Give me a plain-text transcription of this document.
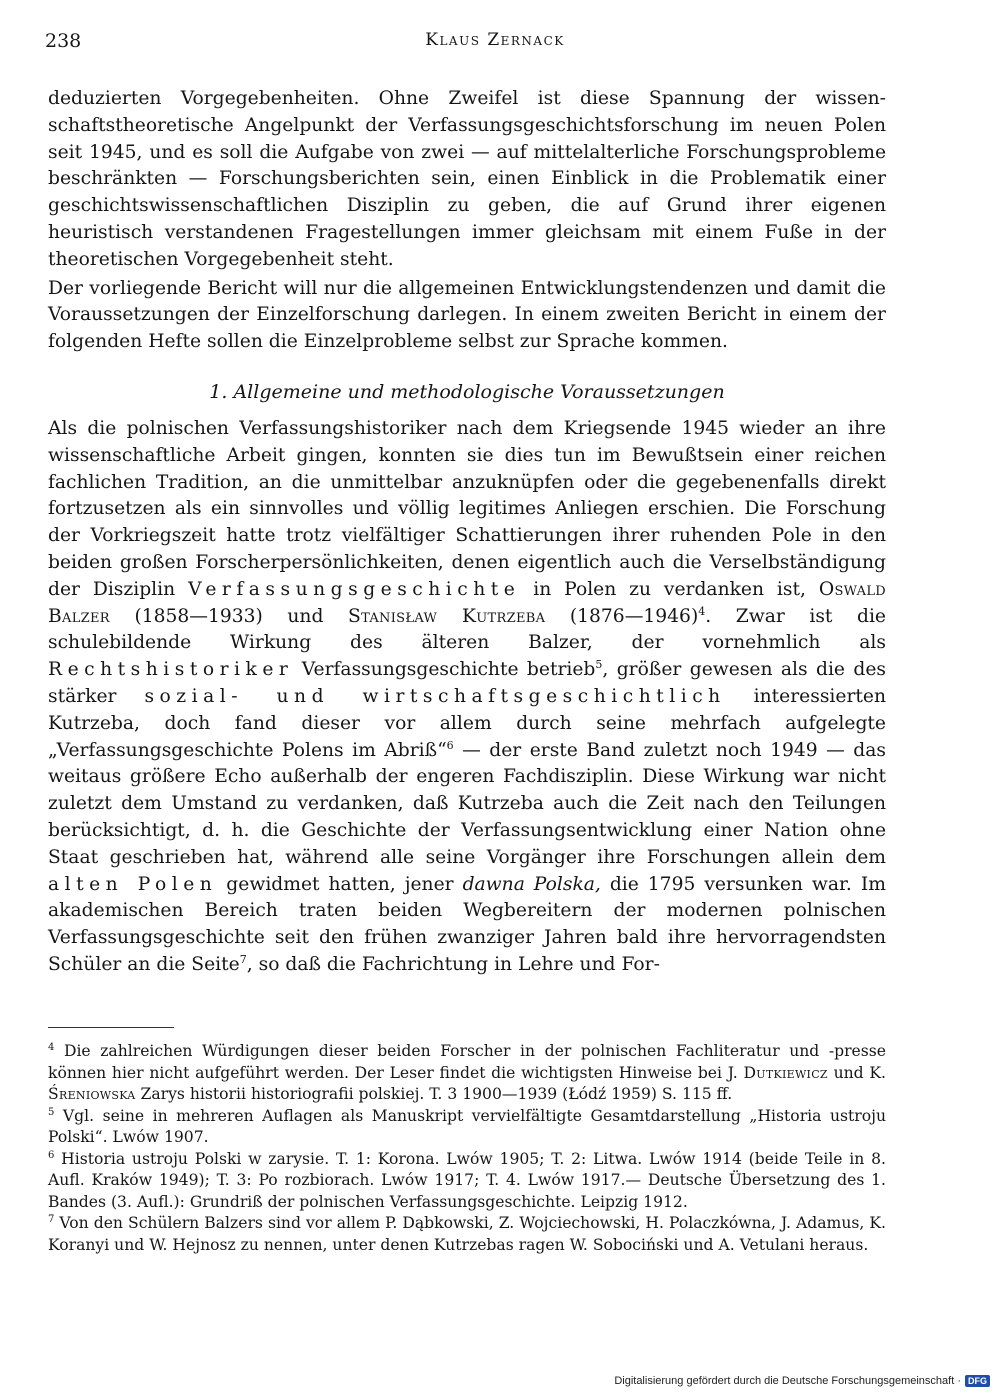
238	Klaus Zernack

deduzierten Vorgegebenheiten. Ohne Zweifel ist diese Spannung der wissenschaftstheoretische Angelpunkt der Verfassungsgeschichtsforschung im neuen Polen seit 1945, und es soll die Aufgabe von zwei — auf mittelalterliche Forschungsprobleme beschränkten — Forschungsberichten sein, einen Einblick in die Problematik einer geschichtswissenschaftlichen Disziplin zu geben, die auf Grund ihrer eigenen heuristisch verstandenen Fragestellungen immer gleichsam mit einem Fuße in der theoretischen Vorgegebenheit steht.

Der vorliegende Bericht will nur die allgemeinen Entwicklungstendenzen und damit die Voraussetzungen der Einzelforschung darlegen. In einem zweiten Bericht in einem der folgenden Hefte sollen die Einzelprobleme selbst zur Sprache kommen.

1. Allgemeine und methodologische Voraussetzungen

Als die polnischen Verfassungshistoriker nach dem Kriegsende 1945 wieder an ihre wissenschaftliche Arbeit gingen, konnten sie dies tun im Bewußtsein einer reichen fachlichen Tradition, an die unmittelbar anzuknüpfen oder die gegebenenfalls direkt fortzusetzen als ein sinnvolles und völlig legitimes Anliegen erschien. Die Forschung der Vorkriegszeit hatte trotz vielfältiger Schattierungen ihrer ruhenden Pole in den beiden großen Forscherpersönlichkeiten, denen eigentlich auch die Verselbständigung der Disziplin Verfassungsgeschichte in Polen zu verdanken ist, Oswald Balzer (1858—1933) und Stanisław Kutrzeba (1876—1946)$^4$. Zwar ist die schulebildende Wirkung des älteren Balzer, der vornehmlich als Rechtshistoriker Verfassungsgeschichte betrieb$^5$, größer gewesen als die des stärker sozial- und wirtschaftsgeschichtlich interessierten Kutrzeba, doch fand dieser vor allem durch seine mehrfach aufgelegte „Verfassungsgeschichte Polens im Abriß“$^6$ — der erste Band zuletzt noch 1949 — das weitaus größere Echo außerhalb der engeren Fachdisziplin. Diese Wirkung war nicht zuletzt dem Umstand zu verdanken, daß Kutrzeba auch die Zeit nach den Teilungen berücksichtigt, d. h. die Geschichte der Verfassungsentwicklung einer Nation ohne Staat geschrieben hat, während alle seine Vorgänger ihre Forschungen allein dem alten Polen gewidmet hatten, jener dawna Polska, die 1795 versunken war. Im akademischen Bereich traten beiden Wegbereitern der modernen polnischen Verfassungsgeschichte seit den frühen zwanziger Jahren bald ihre hervorragendsten Schüler an die Seite$^7$, so daß die Fachrichtung in Lehre und For-

$^4$ Die zahlreichen Würdigungen dieser beiden Forscher in der polnischen Fachliteratur und -presse können hier nicht aufgeführt werden. Der Leser findet die wichtigsten Hinweise bei J. Dutkiewicz und K. Śreniowska Zarys historii historiografii polskiej. T. 3 1900—1939 (Łódź 1959) S. 115 ff.

$^5$ Vgl. seine in mehreren Auflagen als Manuskript vervielfältigte Gesamtdarstellung „Historia ustroju Polski“. Lwów 1907.

$^6$ Historia ustroju Polski w zarysie. T. 1: Korona. Lwów 1905; T. 2: Litwa. Lwów 1914 (beide Teile in 8. Aufl. Kraków 1949); T. 3: Po rozbiorach. Lwów 1917; T. 4. Lwów 1917.— Deutsche Übersetzung des 1. Bandes (3. Aufl.): Grundriß der polnischen Verfassungsgeschichte. Leipzig 1912.

$^7$ Von den Schülern Balzers sind vor allem P. Dąbkowski, Z. Wojciechowski, H. Polaczkówna, J. Adamus, K. Koranyi und W. Hejnosz zu nennen, unter denen Kutrzebas ragen W. Sobociński und A. Vetulani heraus.

Digitalisierung gefördert durch die Deutsche Forschungsgemeinschaft · DFG
